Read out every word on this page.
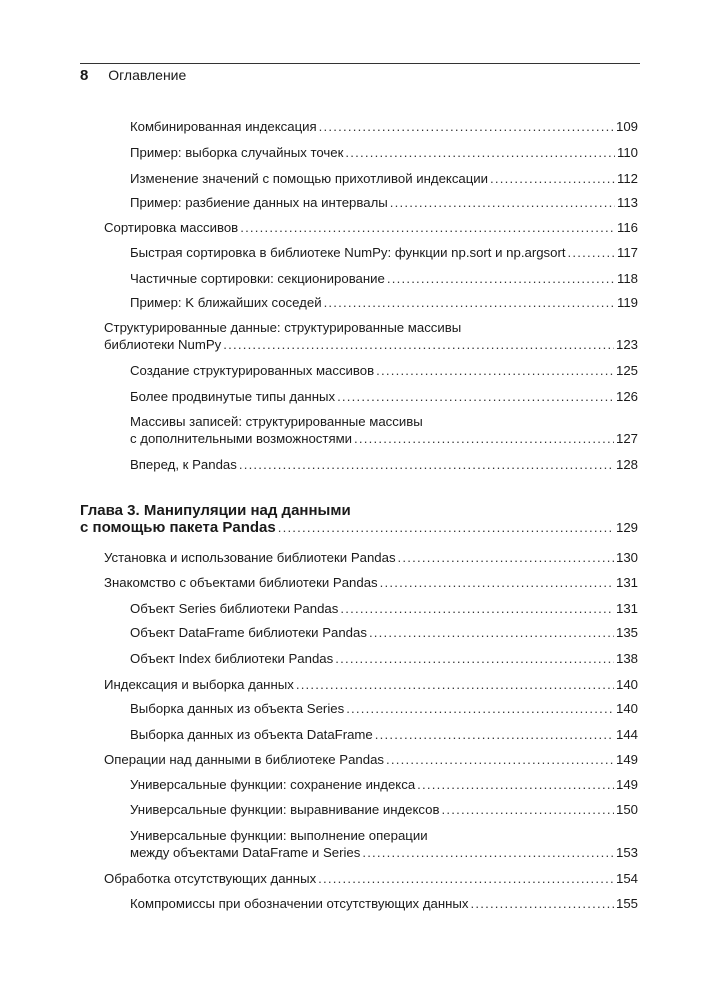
8 Оглавление
Комбинированная индексация .....	109
Пример: выборка случайных точек .....	110
Изменение значений с помощью прихотливой индексации .....	112
Пример: разбиение данных на интервалы .....	113
Сортировка массивов .....	116
Быстрая сортировка в библиотеке NumPy: функции np.sort и np.argsort .....	117
Частичные сортировки: секционирование .....	118
Пример: K ближайших соседей .....	119
Структурированные данные: структурированные массивы
библиотеки NumPy .....	123
Создание структурированных массивов .....	125
Более продвинутые типы данных .....	126
Массивы записей: структурированные массивы
с дополнительными возможностями .....	127
Вперед, к Pandas .....	128
Глава 3. Манипуляции над данными
с помощью пакета Pandas .....	129
Установка и использование библиотеки Pandas .....	130
Знакомство с объектами библиотеки Pandas .....	131
Объект Series библиотеки Pandas .....	131
Объект DataFrame библиотеки Pandas .....	135
Объект Index библиотеки Pandas .....	138
Индексация и выборка данных .....	140
Выборка данных из объекта Series .....	140
Выборка данных из объекта DataFrame .....	144
Операции над данными в библиотеке Pandas .....	149
Универсальные функции: сохранение индекса .....	149
Универсальные функции: выравнивание индексов .....	150
Универсальные функции: выполнение операции
между объектами DataFrame и Series .....	153
Обработка отсутствующих данных .....	154
Компромиссы при обозначении отсутствующих данных .....	155
